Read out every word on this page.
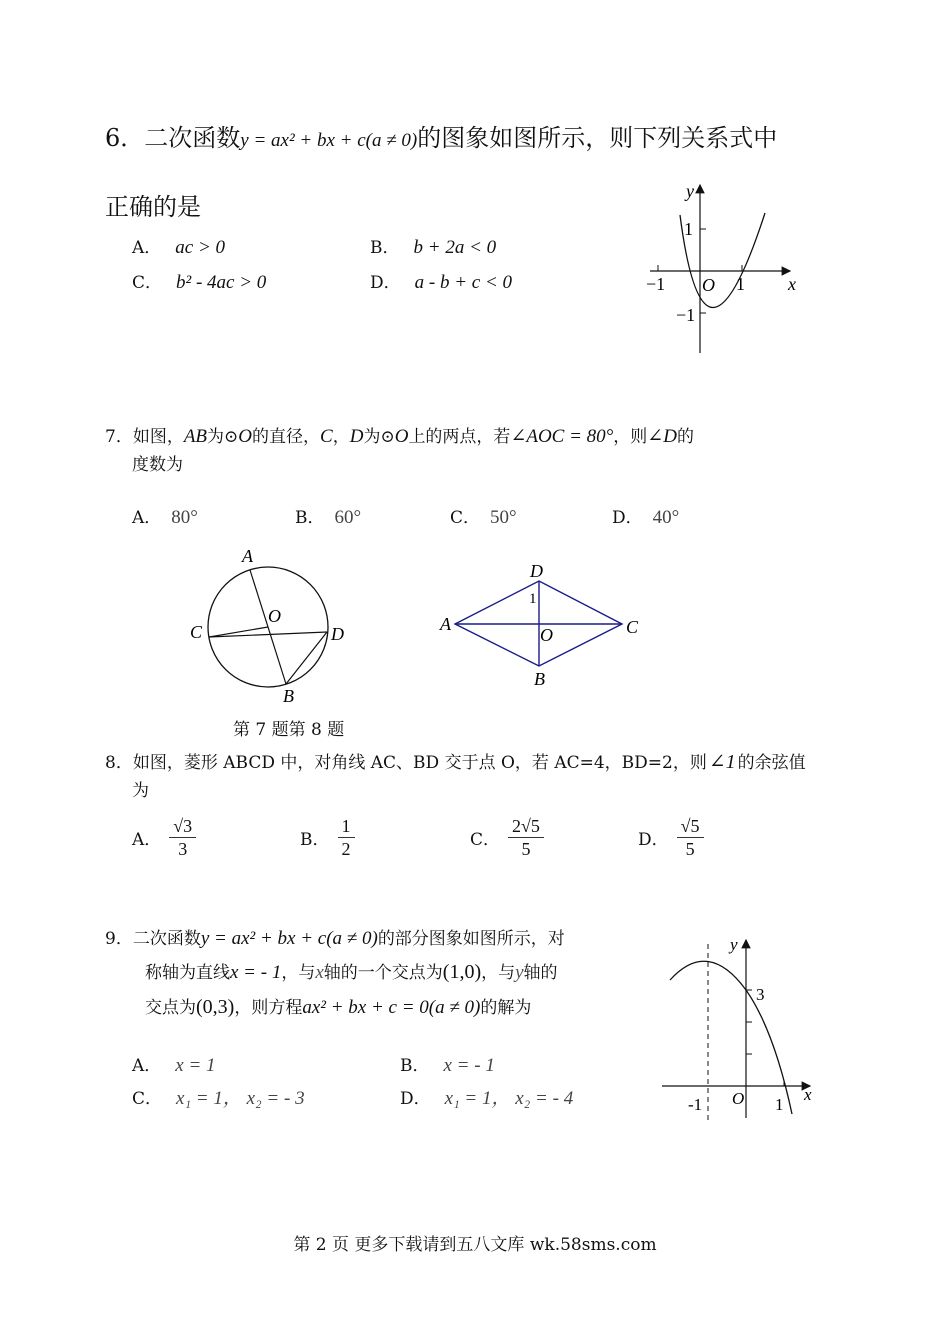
6．二次函数y = ax² + bx + c(a ≠ 0)的图象如图所示，则下列关系式中
正确的是
A． ac > 0	B． b + 2a < 0
C． b² - 4ac > 0	D． a - b + c < 0
y
x
O
1
−1	1
−1
7．如图，AB为⊙O的直径，C，D为⊙O上的两点，若∠AOC = 80°，则∠D的
度数为
A． 80°	B． 60°	C． 50°	D． 40°
A
O
C	D
B
D
1
A
O	C
B
第 7 题第 8 题
8．如图，菱形 ABCD 中，对角线 AC、BD 交于点 O，若 AC=4，BD=2，则 ∠1 的余弦值
为
A． $\frac{√3}{3}$	B． $\frac{1}{2}$	C． $\frac{2√5}{5}$	D． $\frac{√5}{5}$
9．二次函数y = ax² + bx + c(a ≠ 0)的部分图象如图所示，对
称轴为直线x = - 1，与x轴的一个交点为(1,0)，与y轴的
交点为(0,3)，则方程ax² + bx + c = 0(a ≠ 0)的解为
A． x = 1	B． x = - 1
C． x₁ = 1， x₂ = - 3	D． x₁ = 1， x₂ = - 4
y
3
-1 O 1
x
第 2 页 更多下载请到五八文库 wk.58sms.com
